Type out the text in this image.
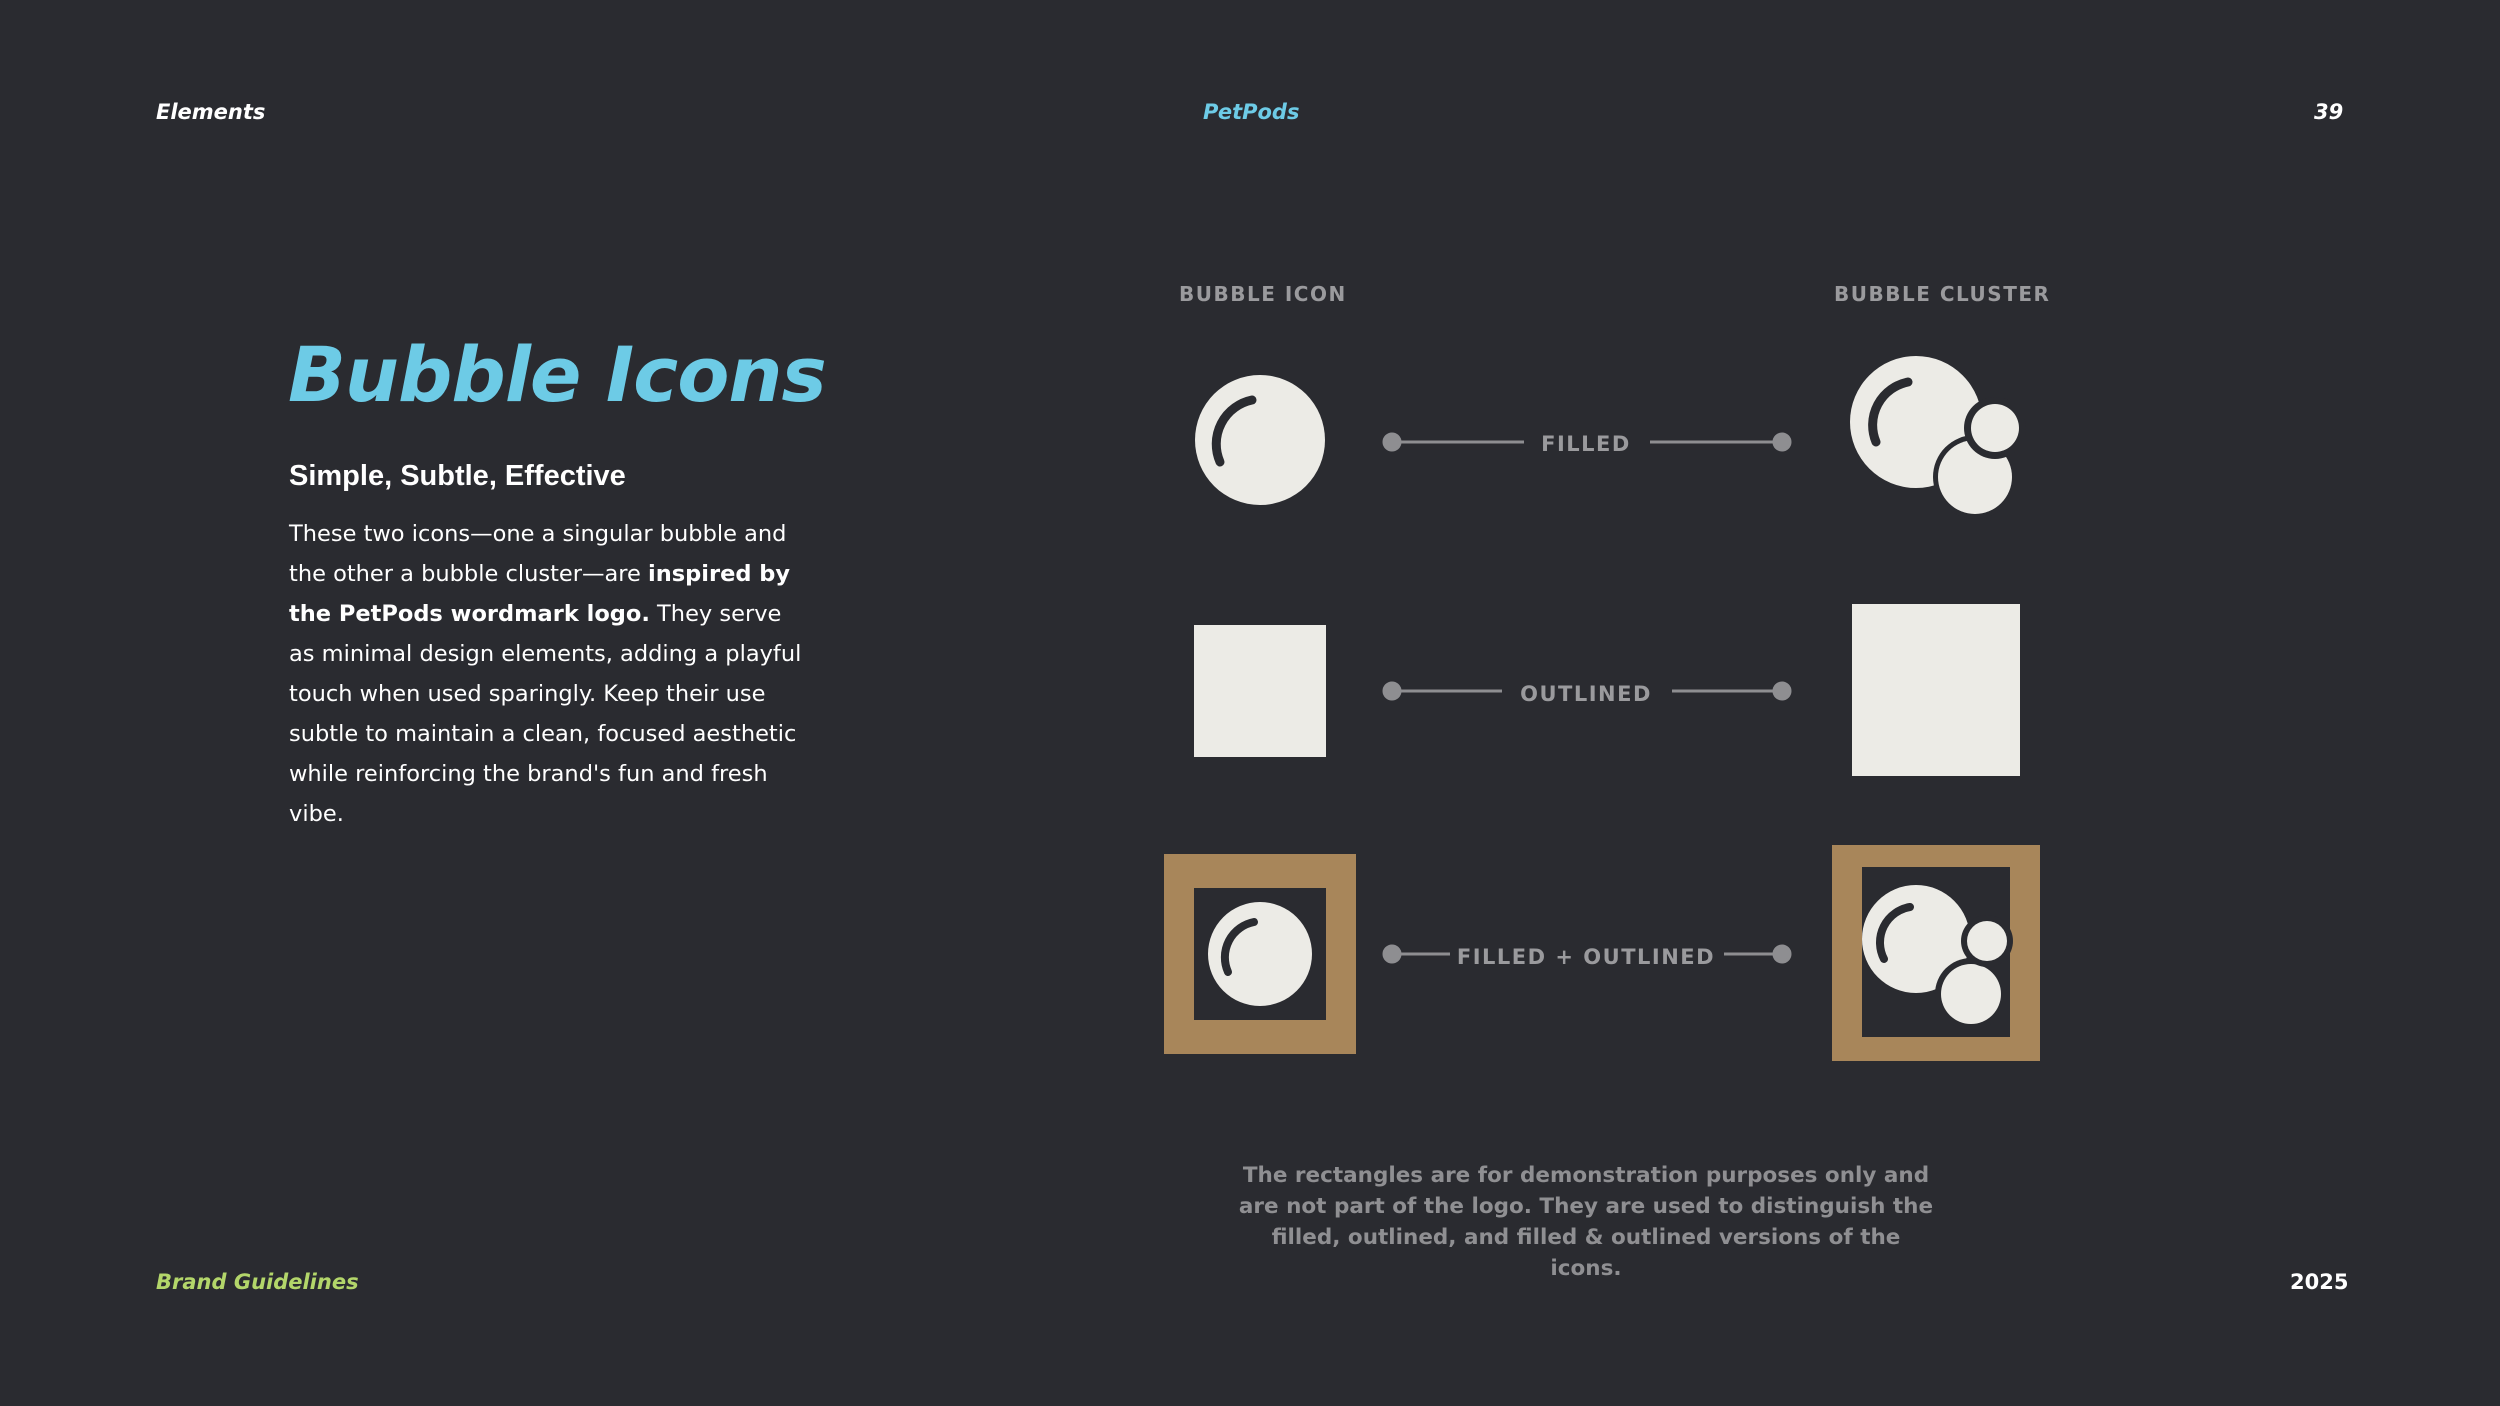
Elements	PetPods	39
Bubble Icons
Simple, Subtle, Effective
These two icons—one a singular bubble and the other a bubble cluster—are inspired by the PetPods wordmark logo. They serve as minimal design elements, adding a playful touch when used sparingly. Keep their use subtle to maintain a clean, focused aesthetic while reinforcing the brand's fun and fresh vibe.
BUBBLE ICON	BUBBLE CLUSTER
FILLED
OUTLINED
FILLED + OUTLINED
The rectangles are for demonstration purposes only and are not part of the logo. They are used to distinguish the filled, outlined, and filled & outlined versions of the icons.
Brand Guidelines	2025
